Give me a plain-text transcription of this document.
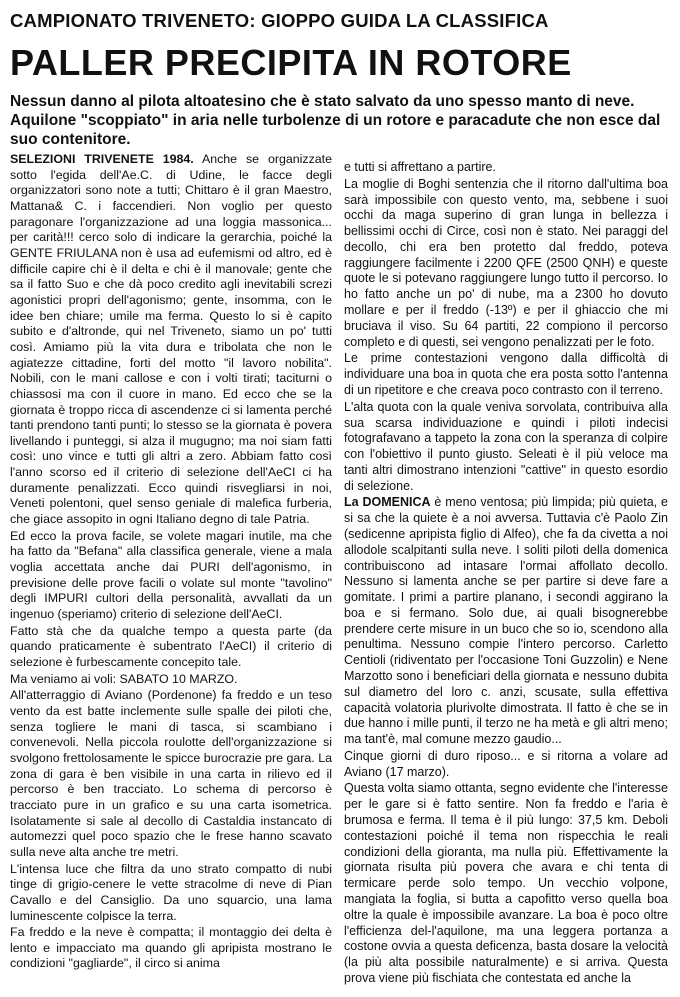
CAMPIONATO TRIVENETO: GIOPPO GUIDA LA CLASSIFICA
PALLER PRECIPITA IN ROTORE
Nessun danno al pilota altoatesino che è stato salvato da uno spesso manto di neve. Aquilone "scoppiato" in aria nelle turbolenze di un rotore e paracadute che non esce dal suo contenitore.

SELEZIONI TRIVENETE 1984. Anche se organizzate sotto l'egida dell'Ae.C. di Udine, le facce degli organizzatori sono note a tutti; Chittaro è il gran Maestro, Mattana& C. i faccendieri. Non voglio per questo paragonare l'organizzazione ad una loggia massonica... per carità!!! cerco solo di indicare la gerarchia, poiché la GENTE FRIULANA non è usa ad eufemismi od altro, ed è difficile capire chi è il delta e chi è il manovale; gente che sa il fatto Suo e che dà poco credito agli inevitabili screzi agonistici propri dell'agonismo; gente, insomma, con le idee ben chiare; umile ma ferma. Questo lo si è capito subito e d'altronde, qui nel Triveneto, siamo un po' tutti così. Amiamo più la vita dura e tribolata che non le agiatezze cittadine, forti del motto "il lavoro nobilita". Nobili, con le mani callose e con i volti tirati; taciturni o chiassosi ma con il cuore in mano. Ed ecco che se la giornata è troppo ricca di ascendenze ci si lamenta perché tanti prendono tanti punti; lo stesso se la giornata è povera livellando i punteggi, si alza il mugugno; ma noi siam fatti così: uno vince e tutti gli altri a zero. Abbiam fatto così l'anno scorso ed il criterio di selezione dell'AeCI ci ha duramente penalizzati. Ecco quindi risvegliarsi in noi, Veneti polentoni, quel senso geniale di malefica furberia, che giace assopito in ogni Italiano degno di tale Patria.

Ed ecco la prova facile, se volete magari inutile, ma che ha fatto da "Befana" alla classifica generale, viene a mala voglia accettata anche dai PURI dell'agonismo, in previsione delle prove facili o volate sul monte "tavolino" degli IMPURI cultori della personalità, avvallati da un ingenuo (speriamo) criterio di selezione dell'AeCI.

Fatto stà che da qualche tempo a questa parte (da quando praticamente è subentrato l'AeCI) il criterio di selezione è furbescamente concepito tale.

Ma veniamo ai voli: SABATO 10 MARZO.

All'atterraggio di Aviano (Pordenone) fa freddo e un teso vento da est batte inclemente sulle spalle dei piloti che, senza togliere le mani di tasca, si scambiano i convenevoli. Nella piccola roulotte dell'organizzazione si svolgono frettolosamente le spicce burocrazie pre gara. La zona di gara è ben visibile in una carta in rilievo ed il percorso è ben tracciato. Lo schema di percorso è tracciato pure in un grafico e su una carta isometrica. Isolatamente si sale al decollo di Castaldia instancato di automezzi quel poco spazio che le frese hanno scavato sulla neve alta anche tre metri.

L'intensa luce che filtra da uno strato compatto di nubi tinge di grigio-cenere le vette stracolme di neve di Pian Cavallo e del Cansiglio. Da uno squarcio, una lama luminescente colpisce la terra.

Fa freddo e la neve è compatta; il montaggio dei delta è lento e impacciato ma quando gli apripista mostrano le condizioni "gagliarde", il circo si anima

e tutti si affrettano a partire.

La moglie di Boghi sentenzia che il ritorno dall'ultima boa sarà impossibile con questo vento, ma, sebbene i suoi occhi da maga superino di gran lunga in bellezza i bellissimi occhi di Circe, così non è stato. Nei paraggi del decollo, chi era ben protetto dal freddo, poteva raggiungere facilmente i 2200 QFE (2500 QNH) e queste quote le si potevano raggiungere lungo tutto il percorso. Io ho fatto anche un po' di nube, ma a 2300 ho dovuto mollare e per il freddo (-13º) e per il ghiaccio che mi bruciava il viso. Su 64 partiti, 22 compiono il percorso completo e di questi, sei vengono penalizzati per le foto.

Le prime contestazioni vengono dalla difficoltà di individuare una boa in quota che era posta sotto l'antenna di un ripetitore e che creava poco contrasto con il terreno.

L'alta quota con la quale veniva sorvolata, contribuiva alla sua scarsa individuazione e quindi i piloti indecisi fotografavano a tappeto la zona con la speranza di colpire con l'obiettivo il punto giusto. Seleati è il più veloce ma tanti altri dimostrano intenzioni "cattive" in questo esordio di selezione.

La DOMENICA è meno ventosa; più limpida; più quieta, e si sa che la quiete è a noi avversa. Tuttavia c'è Paolo Zin (sedicenne apripista figlio di Alfeo), che fa da civetta a noi allodole scalpitanti sulla neve. I soliti piloti della domenica contribuiscono ad intasare l'ormai affollato decollo. Nessuno si lamenta anche se per partire si deve fare a gomitate. I primi a partire planano, i secondi aggirano la boa e si fermano. Solo due, ai quali bisognerebbe prendere certe misure in un buco che so io, scendono alla penultima. Nessuno compie l'intero percorso. Carletto Centioli (ridiventato per l'occasione Toni Guzzolin) e Nene Marzotto sono i beneficiari della giornata e nessuno dubita sul diametro del loro c. anzi, scusate, sulla effettiva capacità volatoria plurivolte dimostrata. Il fatto è che se in due hanno i mille punti, il terzo ne ha metà e gli altri meno; ma tant'è, mal comune mezzo gaudio...

Cinque giorni di duro riposo... e si ritorna a volare ad Aviano (17 marzo).

Questa volta siamo ottanta, segno evidente che l'interesse per le gare si è fatto sentire. Non fa freddo e l'aria è brumosa e ferma. Il tema è il più lungo: 37,5 km. Deboli contestazioni poiché il tema non rispecchia le reali condizioni della gioranta, ma nulla più. Effettivamente la giornata risulta più povera che avara e chi tenta di termicare perde solo tempo. Un vecchio volpone, mangiata la foglia, si butta a capofitto verso quella boa oltre la quale è impossibile avanzare. La boa è poco oltre l'efficienza del-l'aquilone, ma una leggera portanza a costone ovvia a questa deficenza, basta dosare la velocità (la più alta possibile naturalmente) e si arriva. Questa prova viene più fischiata che contestata ed anche la
